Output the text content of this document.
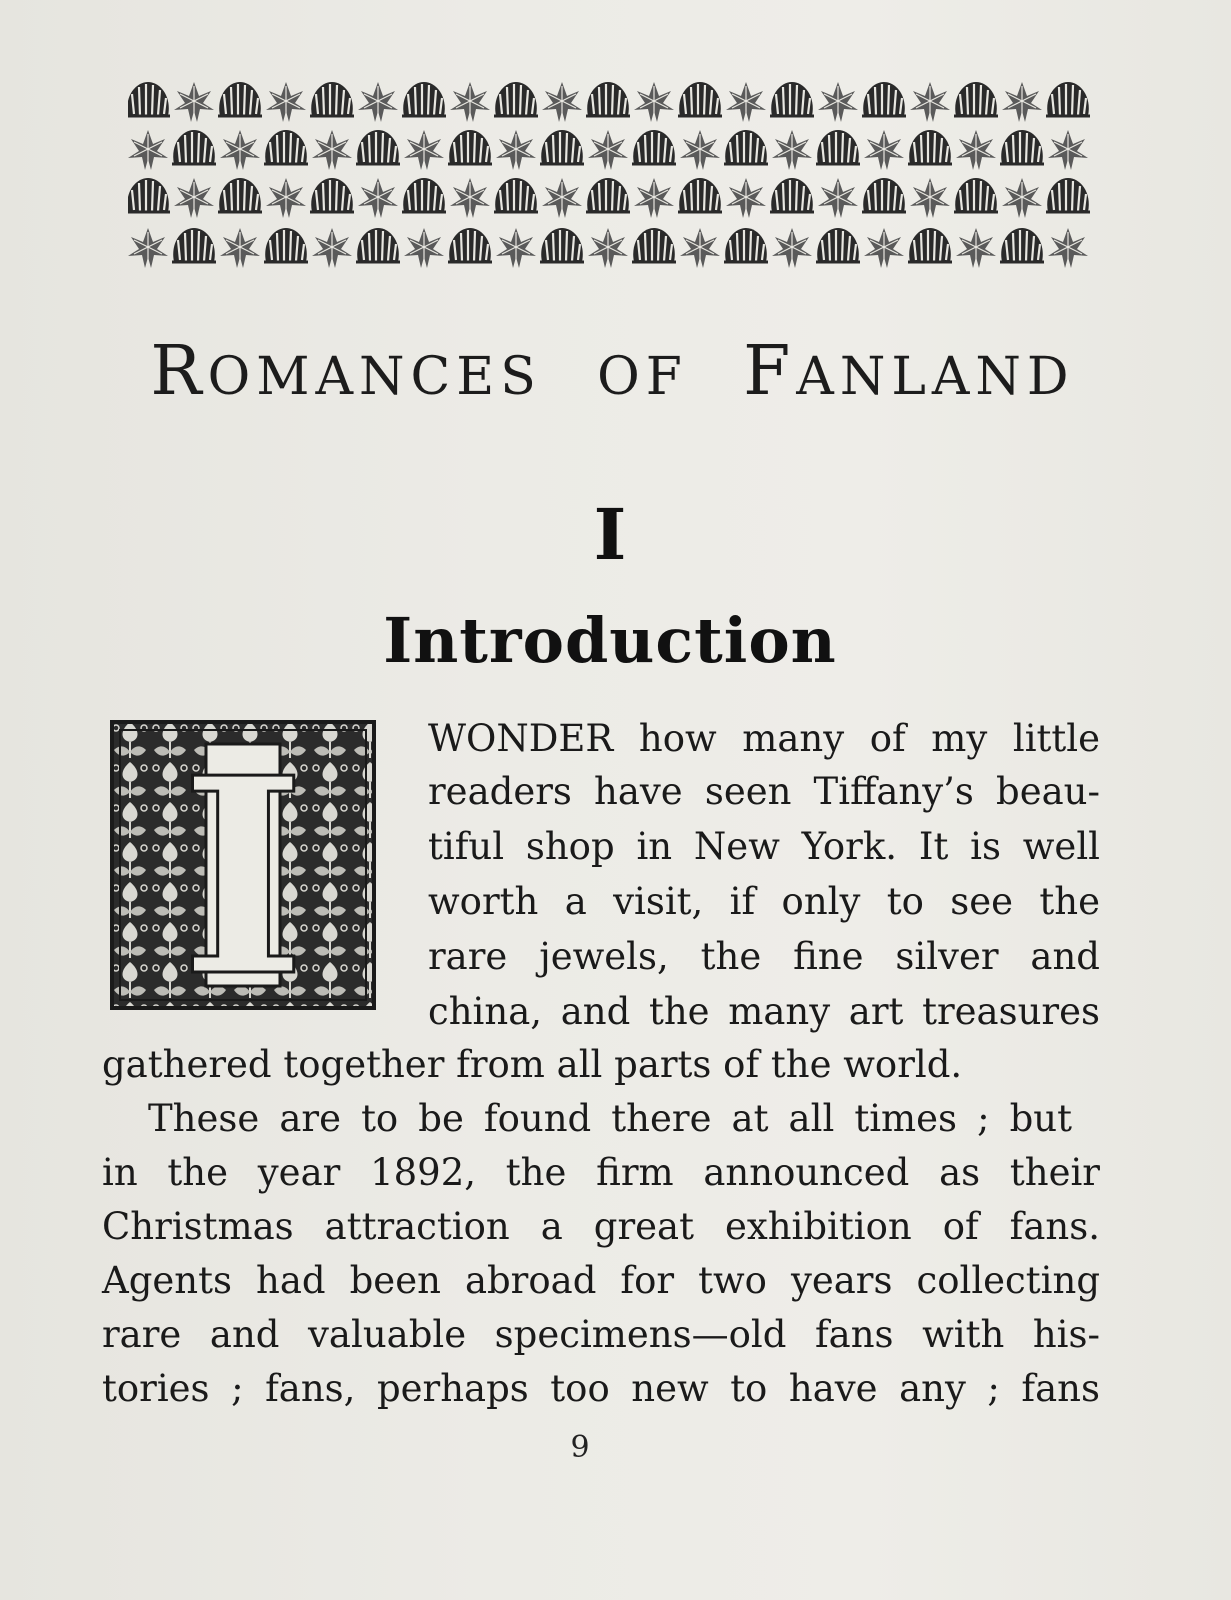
ROMANCES OF FANLAND
I
Introduction
I	WONDER how many of my little
readers have seen Tiffany’s beau-
tiful shop in New York. It is well
worth a visit, if only to see the
rare jewels, the fine silver and
china, and the many art treasures
gathered together from all parts of the world.
These are to be found there at all times ; but
in the year 1892, the firm announced as their
Christmas attraction a great exhibition of fans.
Agents had been abroad for two years collecting
rare and valuable specimens—old fans with his-
tories ; fans, perhaps too new to have any ; fans
9
